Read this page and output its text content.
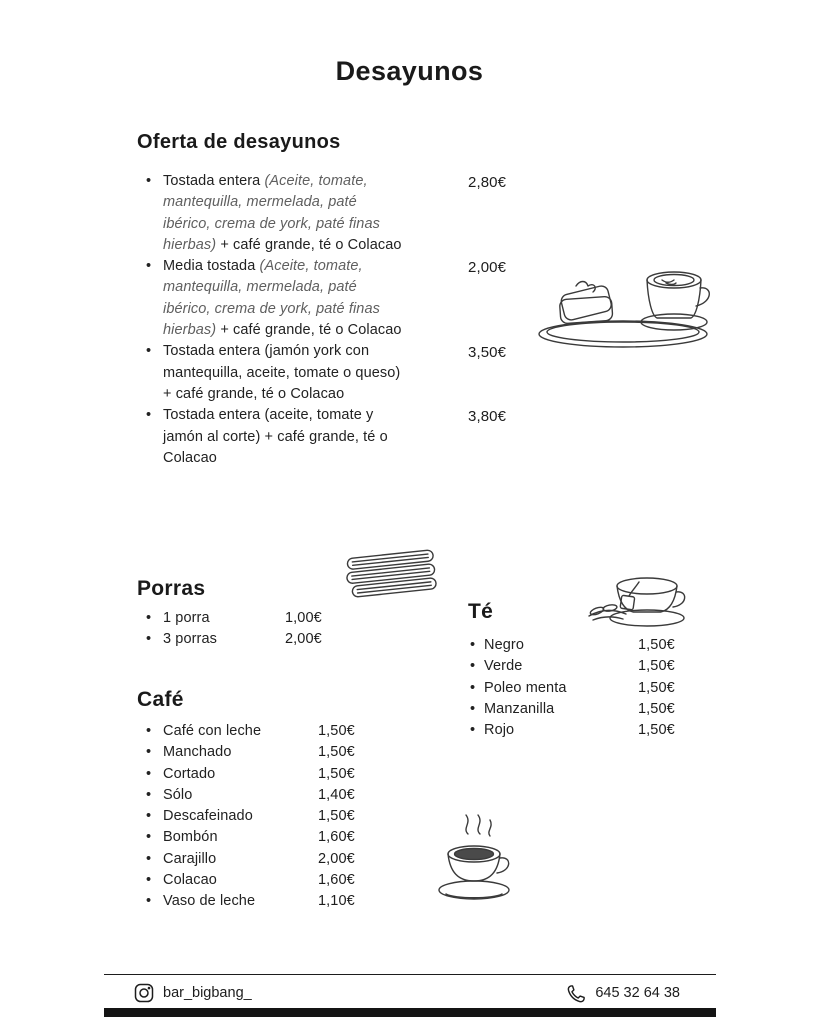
Desayunos
Oferta de desayunos
• Tostada entera (Aceite, tomate, mantequilla, mermelada, paté ibérico, crema de york, paté finas hierbas) + café grande, té o Colacao
2,80€
• Media tostada (Aceite, tomate, mantequilla, mermelada, paté ibérico, crema de york, paté finas hierbas) + café grande, té o Colacao
2,00€
• Tostada entera (jamón york con mantequilla, aceite, tomate o queso) + café grande, té o Colacao
3,50€
• Tostada entera (aceite, tomate y jamón al corte) + café grande, té o Colacao
3,80€
Porras
• 1 porra	1,00€
• 3 porras	2,00€
Té
• Negro	1,50€
• Verde	1,50€
• Poleo menta	1,50€
• Manzanilla	1,50€
• Rojo	1,50€
Café
• Café con leche	1,50€
• Manchado	1,50€
• Cortado	1,50€
• Sólo	1,40€
• Descafeinado	1,50€
• Bombón	1,60€
• Carajillo	2,00€
• Colacao	1,60€
• Vaso de leche	1,10€
bar_bigbang_	645 32 64 38
